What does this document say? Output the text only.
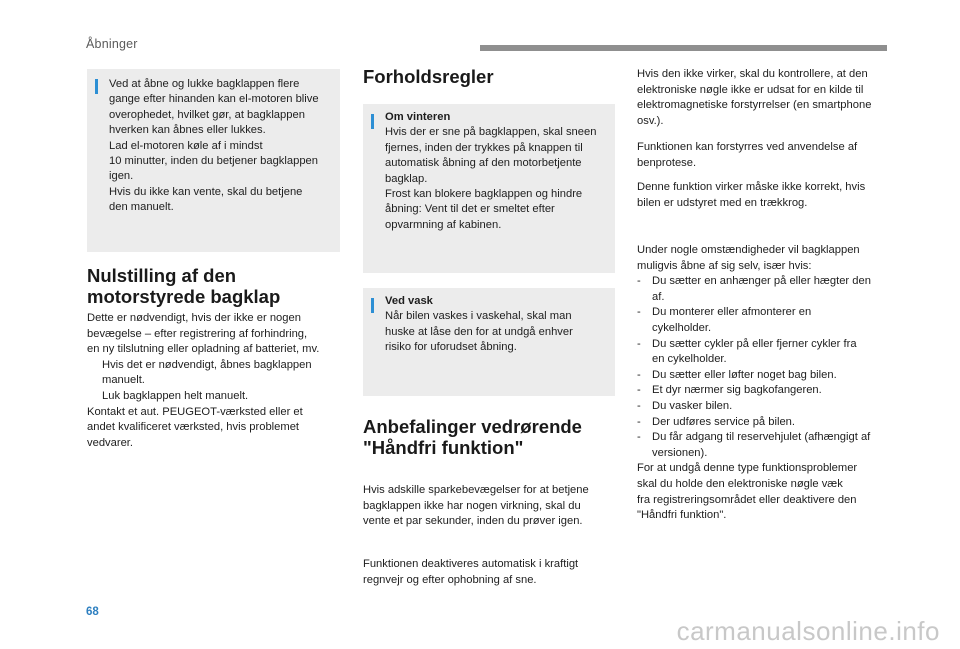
Åbninger
Ved at åbne og lukke bagklappen flere
gange efter hinanden kan el-motoren blive
overophedet, hvilket gør, at bagklappen
hverken kan åbnes eller lukkes.
Lad el-motoren køle af i mindst
10 minutter, inden du betjener bagklappen
igen.
Hvis du ikke kan vente, skal du betjene
den manuelt.
Nulstilling af den
motorstyrede bagklap
Dette er nødvendigt, hvis der ikke er nogen
bevægelse – efter registrering af forhindring,
en ny tilslutning eller opladning af batteriet, mv.
Hvis det er nødvendigt, åbnes bagklappen
manuelt.
Luk bagklappen helt manuelt.
Kontakt et aut. PEUGEOT-værksted eller et
andet kvalificeret værksted, hvis problemet
vedvarer.
Forholdsregler
Om vinteren
Hvis der er sne på bagklappen, skal sneen
fjernes, inden der trykkes på knappen til
automatisk åbning af den motorbetjente
bagklap.
Frost kan blokere bagklappen og hindre
åbning: Vent til det er smeltet efter
opvarmning af kabinen.
Ved vask
Når bilen vaskes i vaskehal, skal man
huske at låse den for at undgå enhver
risiko for uforudset åbning.
Anbefalinger vedrørende
"Håndfri funktion"
Hvis adskille sparkebevægelser for at betjene
bagklappen ikke har nogen virkning, skal du
vente et par sekunder, inden du prøver igen.
Funktionen deaktiveres automatisk i kraftigt
regnvejr og efter ophobning af sne.
Hvis den ikke virker, skal du kontrollere, at den
elektroniske nøgle ikke er udsat for en kilde til
elektromagnetiske forstyrrelser (en smartphone
osv.).
Funktionen kan forstyrres ved anvendelse af
benprotese.
Denne funktion virker måske ikke korrekt, hvis
bilen er udstyret med en trækkrog.
Under nogle omstændigheder vil bagklappen
muligvis åbne af sig selv, især hvis:
- Du sætter en anhænger på eller hægter den
af.
- Du monterer eller afmonterer en
cykelholder.
- Du sætter cykler på eller fjerner cykler fra
en cykelholder.
- Du sætter eller løfter noget bag bilen.
- Et dyr nærmer sig bagkofangeren.
- Du vasker bilen.
- Der udføres service på bilen.
- Du får adgang til reservehjulet (afhængigt af
versionen).
For at undgå denne type funktionsproblemer
skal du holde den elektroniske nøgle væk
fra registreringsområdet eller deaktivere den
"Håndfri funktion".
68
carmanualsonline.info
